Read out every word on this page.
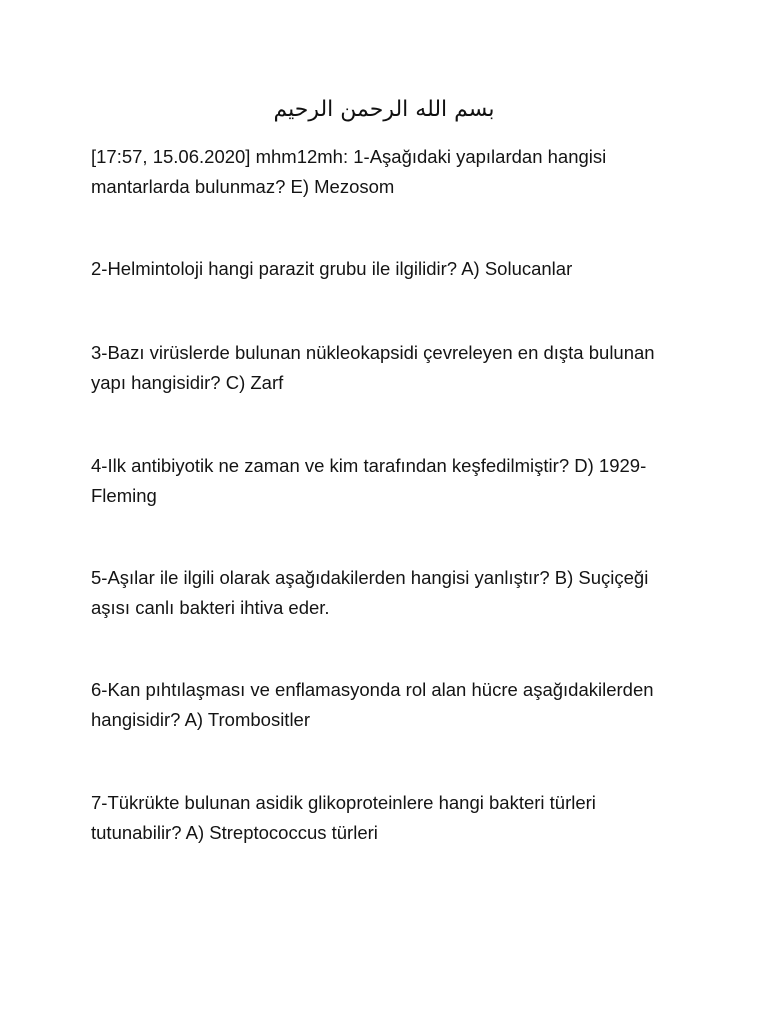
بسم الله الرحمن الرحيم

[17:57, 15.06.2020] mhm12mh: 1-Aşağıdaki yapılardan hangisi mantarlarda bulunmaz? E) Mezosom

2-Helmintoloji hangi parazit grubu ile ilgilidir? A) Solucanlar

3-Bazı virüslerde bulunan nükleokapsidi çevreleyen en dışta bulunan yapı hangisidir? C) Zarf

4-Ilk antibiyotik ne zaman ve kim tarafından keşfedilmiştir? D) 1929-Fleming

5-Aşılar ile ilgili olarak aşağıdakilerden hangisi yanlıştır? B) Suçiçeği aşısı canlı bakteri ihtiva eder.

6-Kan pıhtılaşması ve enflamasyonda rol alan hücre aşağıdakilerden hangisidir? A) Trombositler

7-Tükrükte bulunan asidik glikoproteinlere hangi bakteri türleri tutunabilir? A) Streptococcus türleri
